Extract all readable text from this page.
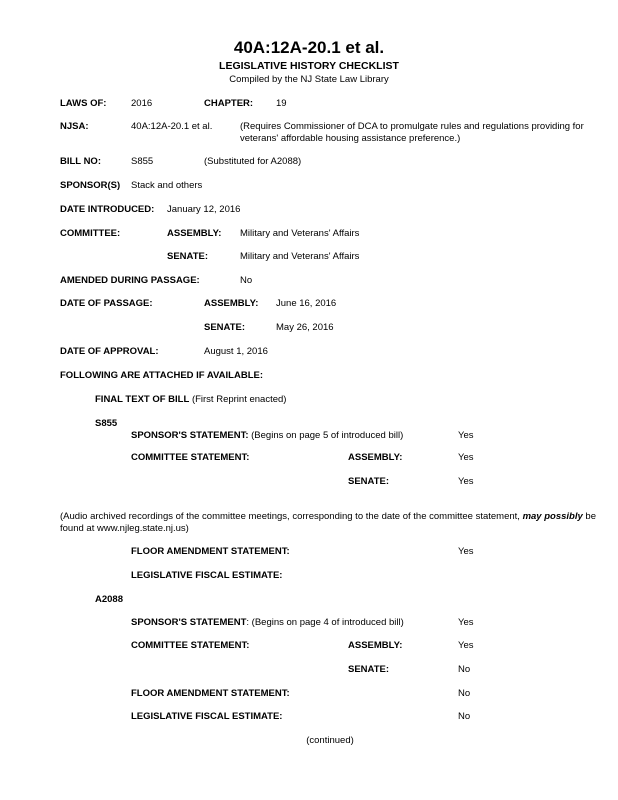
40A:12A-20.1 et al.
LEGISLATIVE HISTORY CHECKLIST
Compiled by the NJ State Law Library
LAWS OF:	2016	CHAPTER: 19
NJSA:	40A:12A-20.1 et al.	(Requires Commissioner of DCA to promulgate rules and regulations providing for veterans' affordable housing assistance preference.)
BILL NO:	S855	(Substituted for A2088)
SPONSOR(S) Stack and others
DATE INTRODUCED: January 12, 2016
COMMITTEE:	ASSEMBLY: Military and Veterans' Affairs
SENATE:	Military and Veterans' Affairs
AMENDED DURING PASSAGE:	No
DATE OF PASSAGE:	ASSEMBLY: June 16, 2016
SENATE:	May 26, 2016
DATE OF APPROVAL:	August 1, 2016
FOLLOWING ARE ATTACHED IF AVAILABLE:
FINAL TEXT OF BILL (First Reprint enacted)
S855
SPONSOR'S STATEMENT: (Begins on page 5 of introduced bill)	Yes
COMMITTEE STATEMENT:	ASSEMBLY:	Yes
SENATE:	Yes
(Audio archived recordings of the committee meetings, corresponding to the date of the committee statement, may possibly be found at www.njleg.state.nj.us)
FLOOR AMENDMENT STATEMENT:	Yes
LEGISLATIVE FISCAL ESTIMATE:
A2088
SPONSOR'S STATEMENT: (Begins on page 4 of introduced bill)	Yes
COMMITTEE STATEMENT:	ASSEMBLY:	Yes
SENATE:	No
FLOOR AMENDMENT STATEMENT:	No
LEGISLATIVE FISCAL ESTIMATE:	No
(continued)
